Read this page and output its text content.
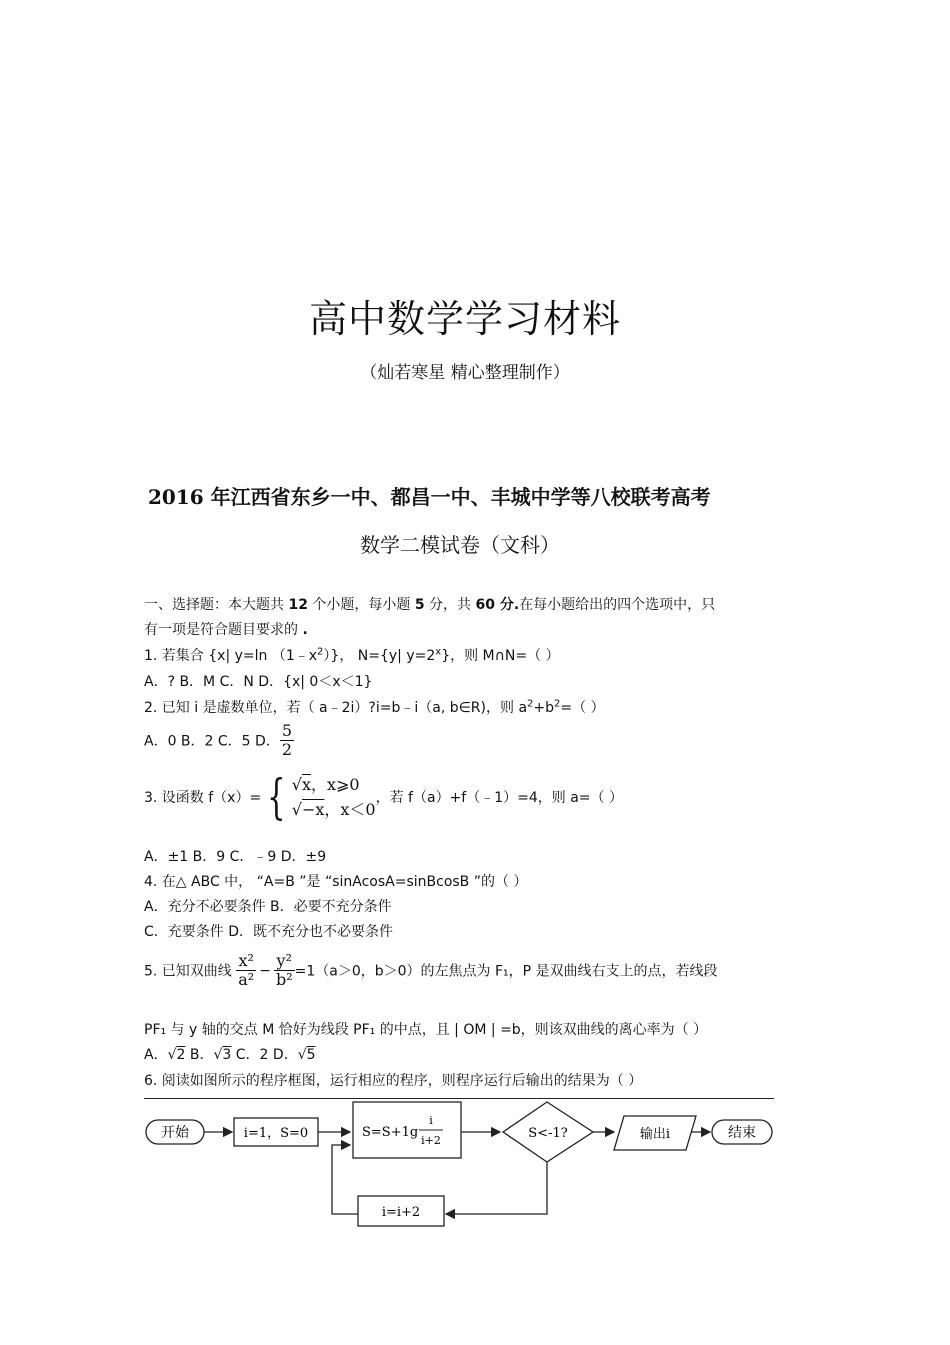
高中数学学习材料
（灿若寒星 精心整理制作）
2016 年江西省东乡一中、都昌一中、丰城中学等八校联考高考
数学二模试卷（文科）
一、选择题：本大题共 12 个小题，每小题 5 分，共 60 分.在每小题给出的四个选项中，只
有一项是符合题目要求的 .
1. 若集合 {x| y=ln $(1﹣x^2)$}， N={y| $y=2^x$}，则 M∩N=（ ）
A．? B．M C．N D．{x| 0＜x＜1}
2. 已知 i 是虚数单位，若（ a﹣2i）?i=b﹣i（a, b∈R)，则 $a^2+b^2=$（ ）
A．0 B．2 C．5 D． $\frac{5}{2}$
3. 设函数 f（x）= { √x，x⩾0
√−x，x＜0
，若 f（a）+f（﹣1）=4，则 a=（ ）
A．±1 B．9 C．﹣9 D．±9
4. 在△ ABC 中， “A=B ”是 “sinAcosA=sinBcosB ”的（ ）
A．充分不必要条件 B．必要不充分条件
C．充要条件 D．既不充分也不必要条件
5. 已知双曲线 $\frac{\text{x²}}{\text{a²}} - \frac{\text{y²}}{\text{b²}} =1(a>0$，b＞0）的左焦点为 F₁，P 是双曲线右支上的点，若线段
PF₁ 与 y 轴的交点 M 恰好为线段 PF₁ 的中点，且 | OM | =b，则该双曲线的离心率为（ ）
A．√2 B．√3 C．2 D．√5
6. 阅读如图所示的程序框图，运行相应的程序，则程序运行后输出的结果为（ ）
开始	i=1，S=0	S=S+1g
i
i+2	S<-1?	输出i	结束
i=i+2
